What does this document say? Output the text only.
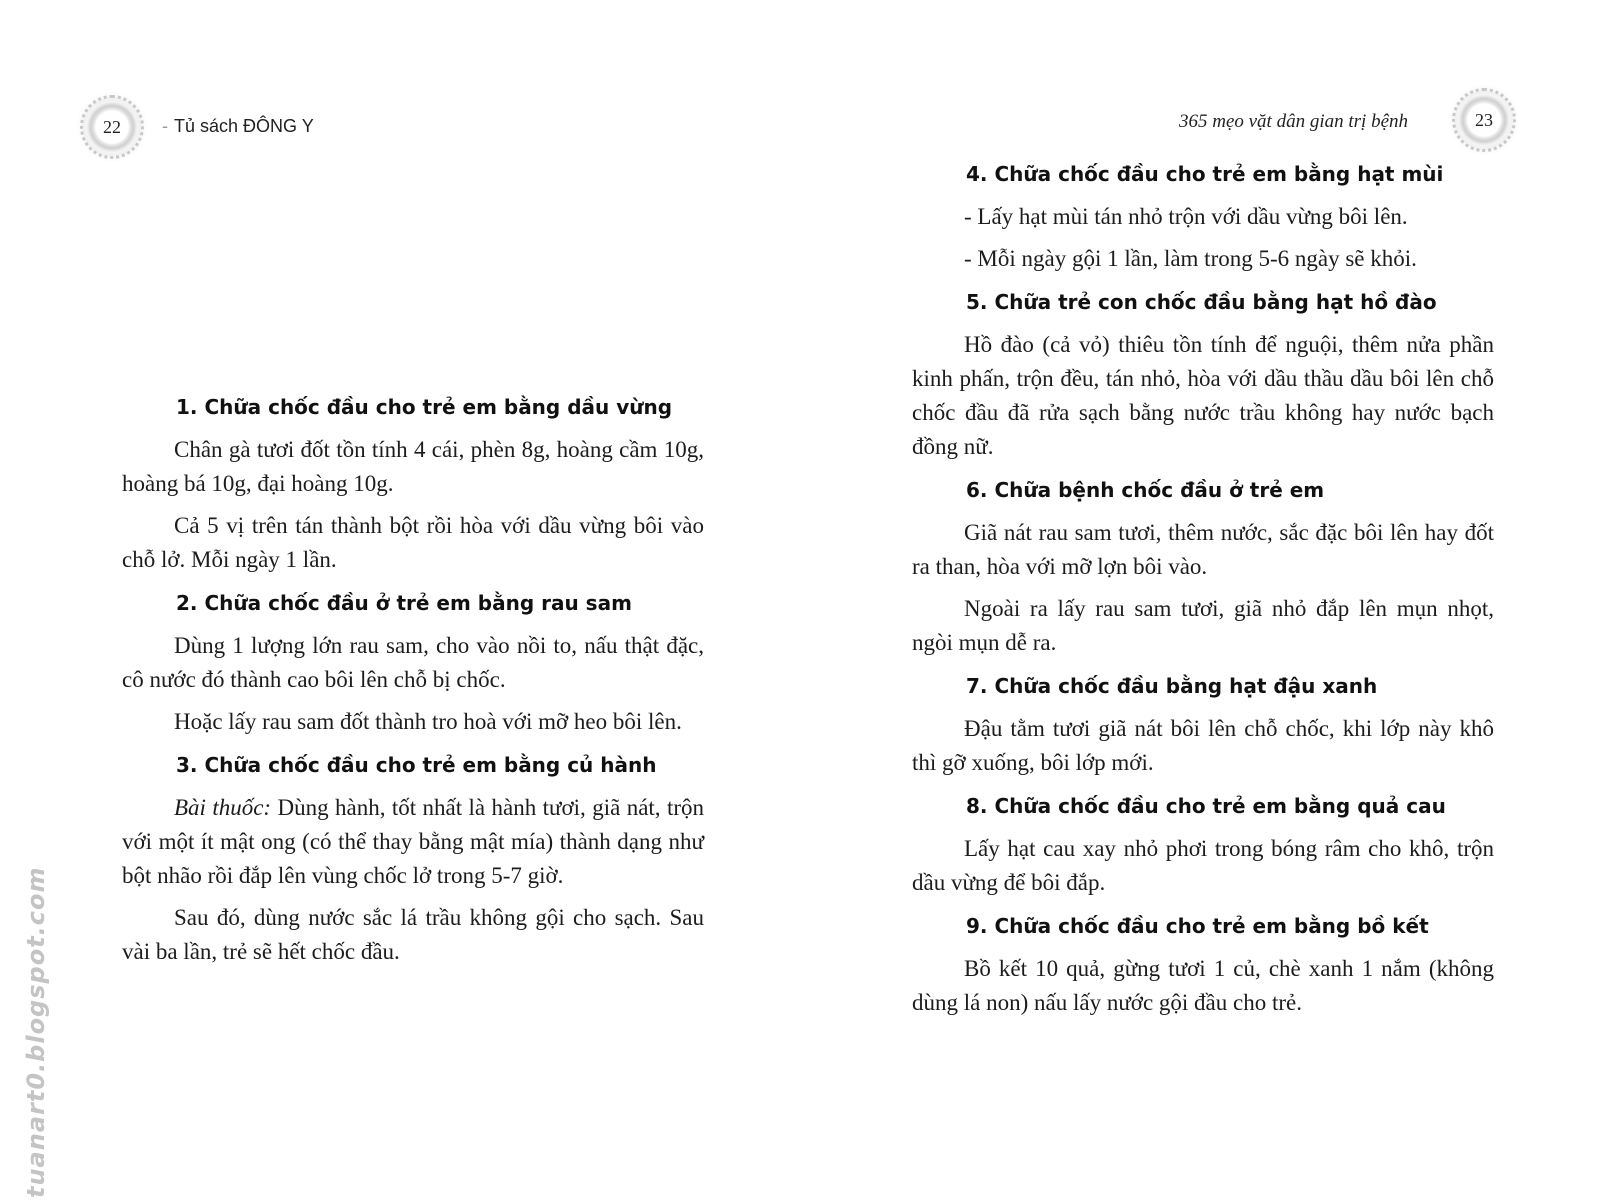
22 - Tủ sách ĐÔNG Y	365 mẹo vặt dân gian trị bệnh	23
1. Chữa chốc đầu cho trẻ em bằng dầu vừng

Chân gà tươi đốt tồn tính 4 cái, phèn 8g, hoàng cầm 10g, hoàng bá 10g, đại hoàng 10g.

Cả 5 vị trên tán thành bột rồi hòa với dầu vừng bôi vào chỗ lở. Mỗi ngày 1 lần.

2. Chữa chốc đầu ở trẻ em bằng rau sam

Dùng 1 lượng lớn rau sam, cho vào nồi to, nấu thật đặc, cô nước đó thành cao bôi lên chỗ bị chốc.

Hoặc lấy rau sam đốt thành tro hoà với mỡ heo bôi lên.

3. Chữa chốc đầu cho trẻ em bằng củ hành

Bài thuốc: Dùng hành, tốt nhất là hành tươi, giã nát, trộn với một ít mật ong (có thể thay bằng mật mía) thành dạng như bột nhão rồi đắp lên vùng chốc lở trong 5-7 giờ.

Sau đó, dùng nước sắc lá trầu không gội cho sạch. Sau vài ba lần, trẻ sẽ hết chốc đầu.

4. Chữa chốc đầu cho trẻ em bằng hạt mùi

- Lấy hạt mùi tán nhỏ trộn với dầu vừng bôi lên.

- Mỗi ngày gội 1 lần, làm trong 5-6 ngày sẽ khỏi.

5. Chữa trẻ con chốc đầu bằng hạt hồ đào

Hồ đào (cả vỏ) thiêu tồn tính để nguội, thêm nửa phần kinh phấn, trộn đều, tán nhỏ, hòa với dầu thầu dầu bôi lên chỗ chốc đầu đã rửa sạch bằng nước trầu không hay nước bạch đồng nữ.

6. Chữa bệnh chốc đầu ở trẻ em

Giã nát rau sam tươi, thêm nước, sắc đặc bôi lên hay đốt ra than, hòa với mỡ lợn bôi vào.

Ngoài ra lấy rau sam tươi, giã nhỏ đắp lên mụn nhọt, ngòi mụn dễ ra.

7. Chữa chốc đầu bằng hạt đậu xanh

Đậu tằm tươi giã nát bôi lên chỗ chốc, khi lớp này khô thì gỡ xuống, bôi lớp mới.

8. Chữa chốc đầu cho trẻ em bằng quả cau

Lấy hạt cau xay nhỏ phơi trong bóng râm cho khô, trộn dầu vừng để bôi đắp.

9. Chữa chốc đầu cho trẻ em bằng bồ kết

Bồ kết 10 quả, gừng tươi 1 củ, chè xanh 1 nắm (không dùng lá non) nấu lấy nước gội đầu cho trẻ.

tuanart0.blogspot.com
